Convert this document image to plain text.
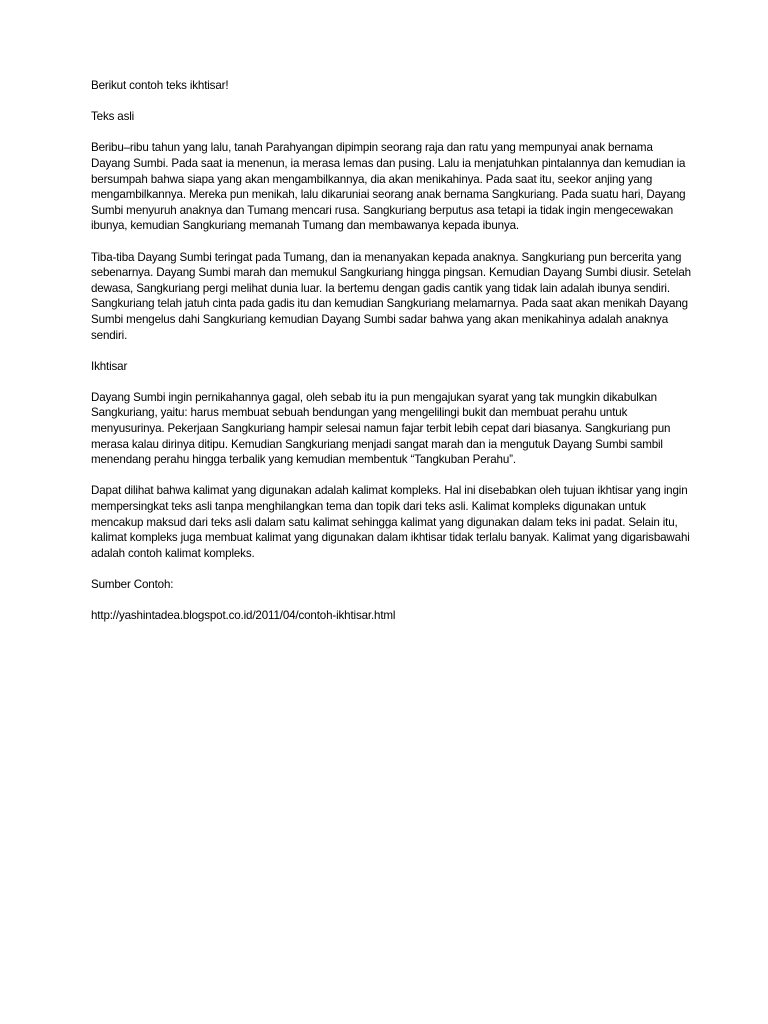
Berikut contoh teks ikhtisar!

Teks asli

Beribu–ribu tahun yang lalu, tanah Parahyangan dipimpin seorang raja dan ratu yang mempunyai anak bernama Dayang Sumbi. Pada saat ia menenun, ia merasa lemas dan pusing. Lalu ia menjatuhkan pintalannya dan kemudian ia bersumpah bahwa siapa yang akan mengambilkannya, dia akan menikahinya. Pada saat itu, seekor anjing yang mengambilkannya. Mereka pun menikah, lalu dikaruniai seorang anak bernama Sangkuriang. Pada suatu hari, Dayang Sumbi menyuruh anaknya dan Tumang mencari rusa. Sangkuriang berputus asa tetapi ia tidak ingin mengecewakan ibunya, kemudian Sangkuriang memanah Tumang dan membawanya kepada ibunya.

Tiba-tiba Dayang Sumbi teringat pada Tumang, dan ia menanyakan kepada anaknya. Sangkuriang pun bercerita yang sebenarnya. Dayang Sumbi marah dan memukul Sangkuriang hingga pingsan. Kemudian Dayang Sumbi diusir. Setelah dewasa, Sangkuriang pergi melihat dunia luar. Ia bertemu dengan gadis cantik yang tidak lain adalah ibunya sendiri. Sangkuriang telah jatuh cinta pada gadis itu dan kemudian Sangkuriang melamarnya. Pada saat akan menikah Dayang Sumbi mengelus dahi Sangkuriang kemudian Dayang Sumbi sadar bahwa yang akan menikahinya adalah anaknya sendiri.

Ikhtisar

Dayang Sumbi ingin pernikahannya gagal, oleh sebab itu ia pun mengajukan syarat yang tak mungkin dikabulkan Sangkuriang, yaitu: harus membuat sebuah bendungan yang mengelilingi bukit dan membuat perahu untuk menyusurinya. Pekerjaan Sangkuriang hampir selesai namun fajar terbit lebih cepat dari biasanya. Sangkuriang pun merasa kalau dirinya ditipu. Kemudian Sangkuriang menjadi sangat marah dan ia mengutuk Dayang Sumbi sambil menendang perahu hingga terbalik yang kemudian membentuk “Tangkuban Perahu”.

Dapat dilihat bahwa kalimat yang digunakan adalah kalimat kompleks. Hal ini disebabkan oleh tujuan ikhtisar yang ingin mempersingkat teks asli tanpa menghilangkan tema dan topik dari teks asli. Kalimat kompleks digunakan untuk mencakup maksud dari teks asli dalam satu kalimat sehingga kalimat yang digunakan dalam teks ini padat. Selain itu, kalimat kompleks juga membuat kalimat yang digunakan dalam ikhtisar tidak terlalu banyak. Kalimat yang digarisbawahi adalah contoh kalimat kompleks.

Sumber Contoh:

http://yashintadea.blogspot.co.id/2011/04/contoh-ikhtisar.html
